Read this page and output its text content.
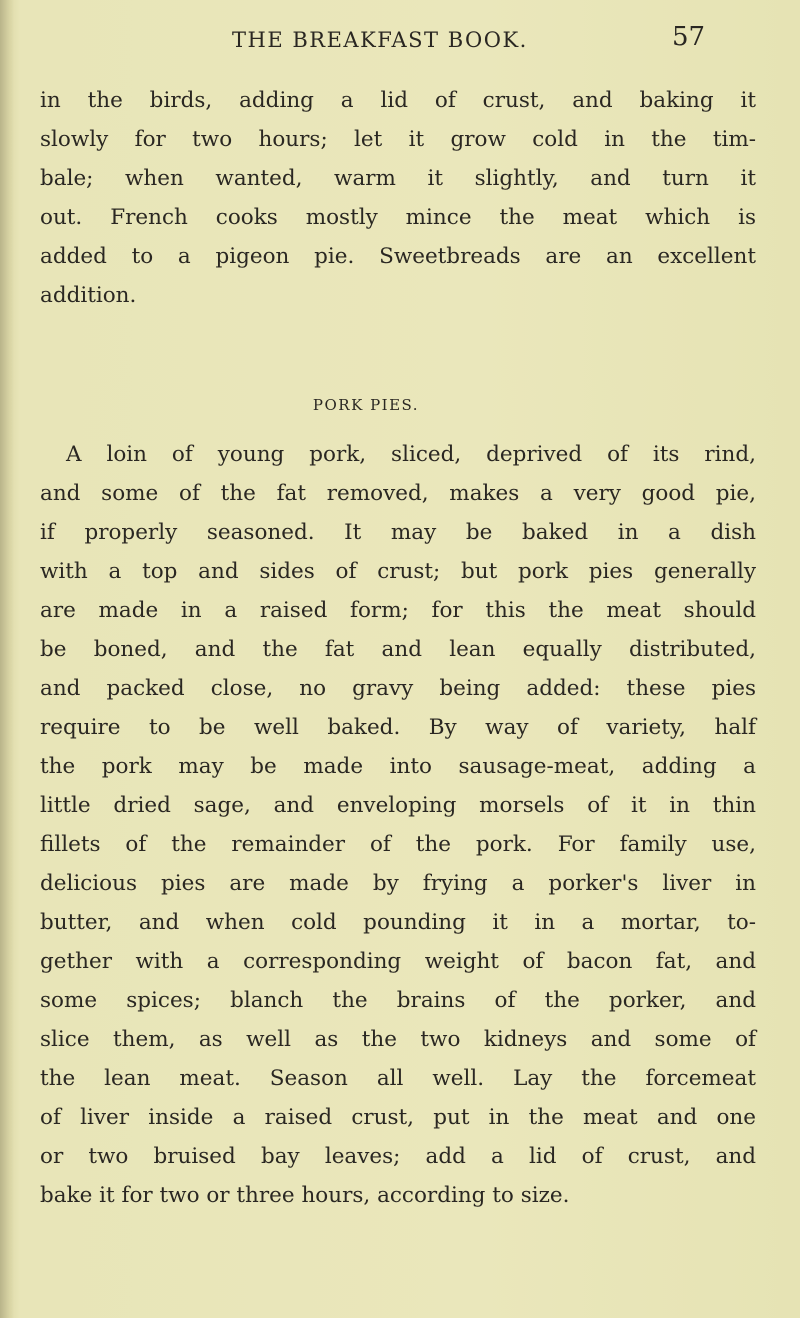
THE BREAKFAST BOOK.	57
in the birds, adding a lid of crust, and baking it
slowly for two hours; let it grow cold in the tim-
bale; when wanted, warm it slightly, and turn it
out. French cooks mostly mince the meat which is
added to a pigeon pie. Sweetbreads are an excellent
addition.
PORK PIES.
A loin of young pork, sliced, deprived of its rind,
and some of the fat removed, makes a very good pie,
if properly seasoned. It may be baked in a dish
with a top and sides of crust; but pork pies generally
are made in a raised form; for this the meat should
be boned, and the fat and lean equally distributed,
and packed close, no gravy being added: these pies
require to be well baked. By way of variety, half
the pork may be made into sausage-meat, adding a
little dried sage, and enveloping morsels of it in thin
fillets of the remainder of the pork. For family use,
delicious pies are made by frying a porker's liver in
butter, and when cold pounding it in a mortar, to-
gether with a corresponding weight of bacon fat, and
some spices; blanch the brains of the porker, and
slice them, as well as the two kidneys and some of
the lean meat. Season all well. Lay the forcemeat
of liver inside a raised crust, put in the meat and one
or two bruised bay leaves; add a lid of crust, and
bake it for two or three hours, according to size.
